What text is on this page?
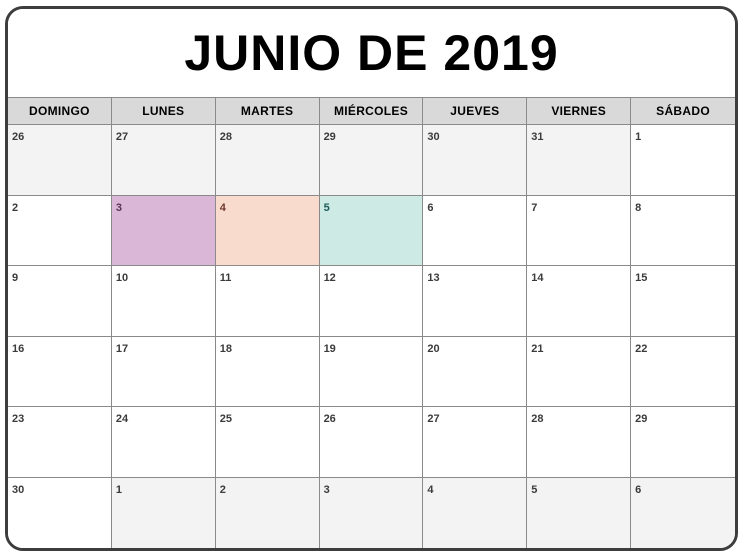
JUNIO DE 2019
DOMINGO	LUNES	MARTES	MIÉRCOLES	JUEVES	VIERNES	SÁBADO
26	27	28	29	30	31	1
2	3	4	5	6	7	8
9	10	11	12	13	14	15
16	17	18	19	20	21	22
23	24	25	26	27	28	29
30	1	2	3	4	5	6
